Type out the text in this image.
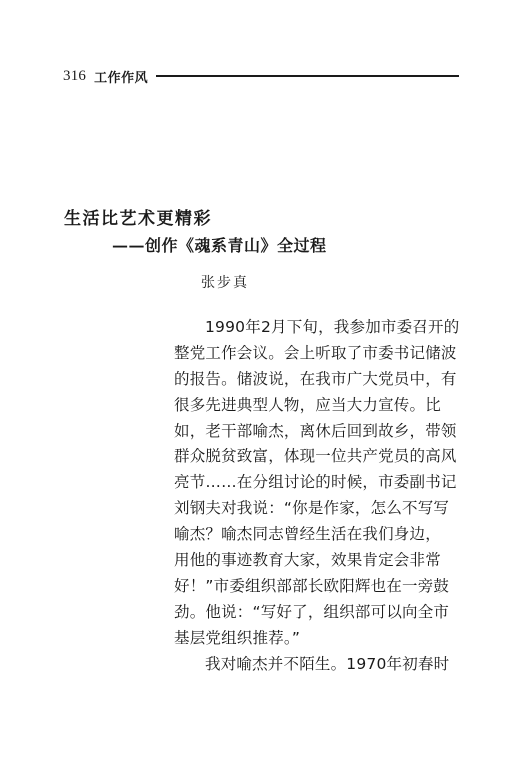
316 工作作风
生活比艺术更精彩
——创作《魂系青山》全过程

张步真

1990年2月下旬，我参加市委召开的
整党工作会议。会上听取了市委书记储波
的报告。储波说，在我市广大党员中，有
很多先进典型人物，应当大力宣传。比
如，老干部喻杰，离休后回到故乡，带领
群众脱贫致富，体现一位共产党员的高风
亮节……在分组讨论的时候，市委副书记
刘钢夫对我说：“你是作家，怎么不写写
喻杰？喻杰同志曾经生活在我们身边，
用他的事迹教育大家，效果肯定会非常
好！”市委组织部部长欧阳辉也在一旁鼓
劲。他说：“写好了，组织部可以向全市
基层党组织推荐。”
我对喻杰并不陌生。1970年初春时
